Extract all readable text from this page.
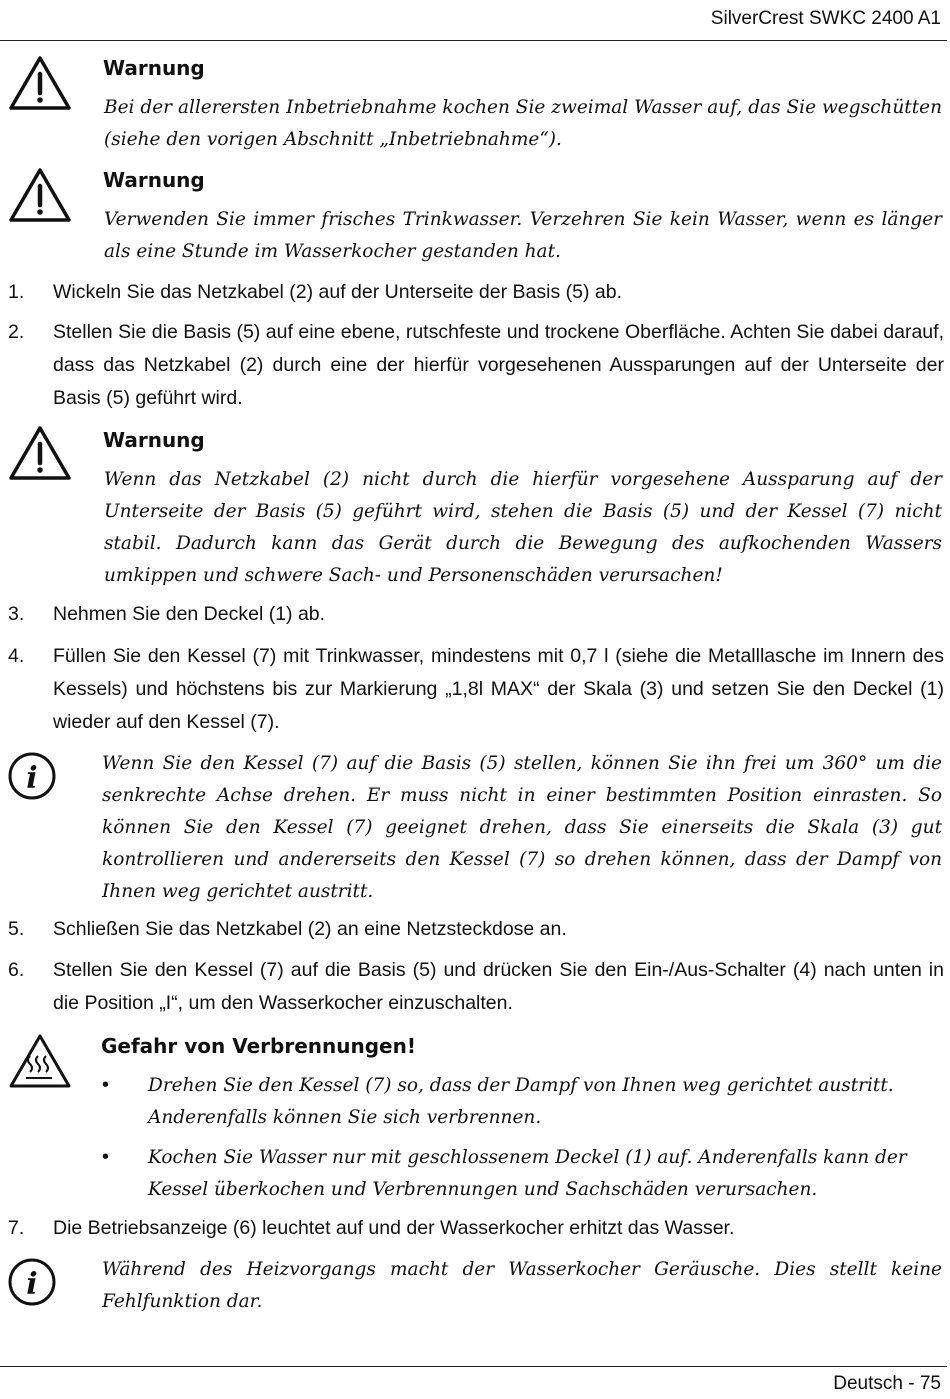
SilverCrest SWKC 2400 A1
Warnung
Bei der allerersten Inbetriebnahme kochen Sie zweimal Wasser auf, das Sie wegschütten (siehe den vorigen Abschnitt „Inbetriebnahme“).
Warnung
Verwenden Sie immer frisches Trinkwasser. Verzehren Sie kein Wasser, wenn es länger als eine Stunde im Wasserkocher gestanden hat.
1. Wickeln Sie das Netzkabel (2) auf der Unterseite der Basis (5) ab.
2. Stellen Sie die Basis (5) auf eine ebene, rutschfeste und trockene Oberfläche. Achten Sie dabei darauf, dass das Netzkabel (2) durch eine der hierfür vorgesehenen Aussparungen auf der Unterseite der Basis (5) geführt wird.
Warnung
Wenn das Netzkabel (2) nicht durch die hierfür vorgesehene Aussparung auf der Unterseite der Basis (5) geführt wird, stehen die Basis (5) und der Kessel (7) nicht stabil. Dadurch kann das Gerät durch die Bewegung des aufkochenden Wassers umkippen und schwere Sach- und Personenschäden verursachen!
3. Nehmen Sie den Deckel (1) ab.
4. Füllen Sie den Kessel (7) mit Trinkwasser, mindestens mit 0,7 l (siehe die Metalllasche im Innern des Kessels) und höchstens bis zur Markierung „1,8l MAX“ der Skala (3) und setzen Sie den Deckel (1) wieder auf den Kessel (7).
i	Wenn Sie den Kessel (7) auf die Basis (5) stellen, können Sie ihn frei um 360° um die senkrechte Achse drehen. Er muss nicht in einer bestimmten Position einrasten. So können Sie den Kessel (7) geeignet drehen, dass Sie einerseits die Skala (3) gut kontrollieren und andererseits den Kessel (7) so drehen können, dass der Dampf von Ihnen weg gerichtet austritt.
5. Schließen Sie das Netzkabel (2) an eine Netzsteckdose an.
6. Stellen Sie den Kessel (7) auf die Basis (5) und drücken Sie den Ein-/Aus-Schalter (4) nach unten in die Position „I“, um den Wasserkocher einzuschalten.
Gefahr von Verbrennungen!
• Drehen Sie den Kessel (7) so, dass der Dampf von Ihnen weg gerichtet austritt. Anderenfalls können Sie sich verbrennen.
• Kochen Sie Wasser nur mit geschlossenem Deckel (1) auf. Anderenfalls kann der Kessel überkochen und Verbrennungen und Sachschäden verursachen.
7. Die Betriebsanzeige (6) leuchtet auf und der Wasserkocher erhitzt das Wasser.
i	Während des Heizvorgangs macht der Wasserkocher Geräusche. Dies stellt keine Fehlfunktion dar.
Deutsch - 75
